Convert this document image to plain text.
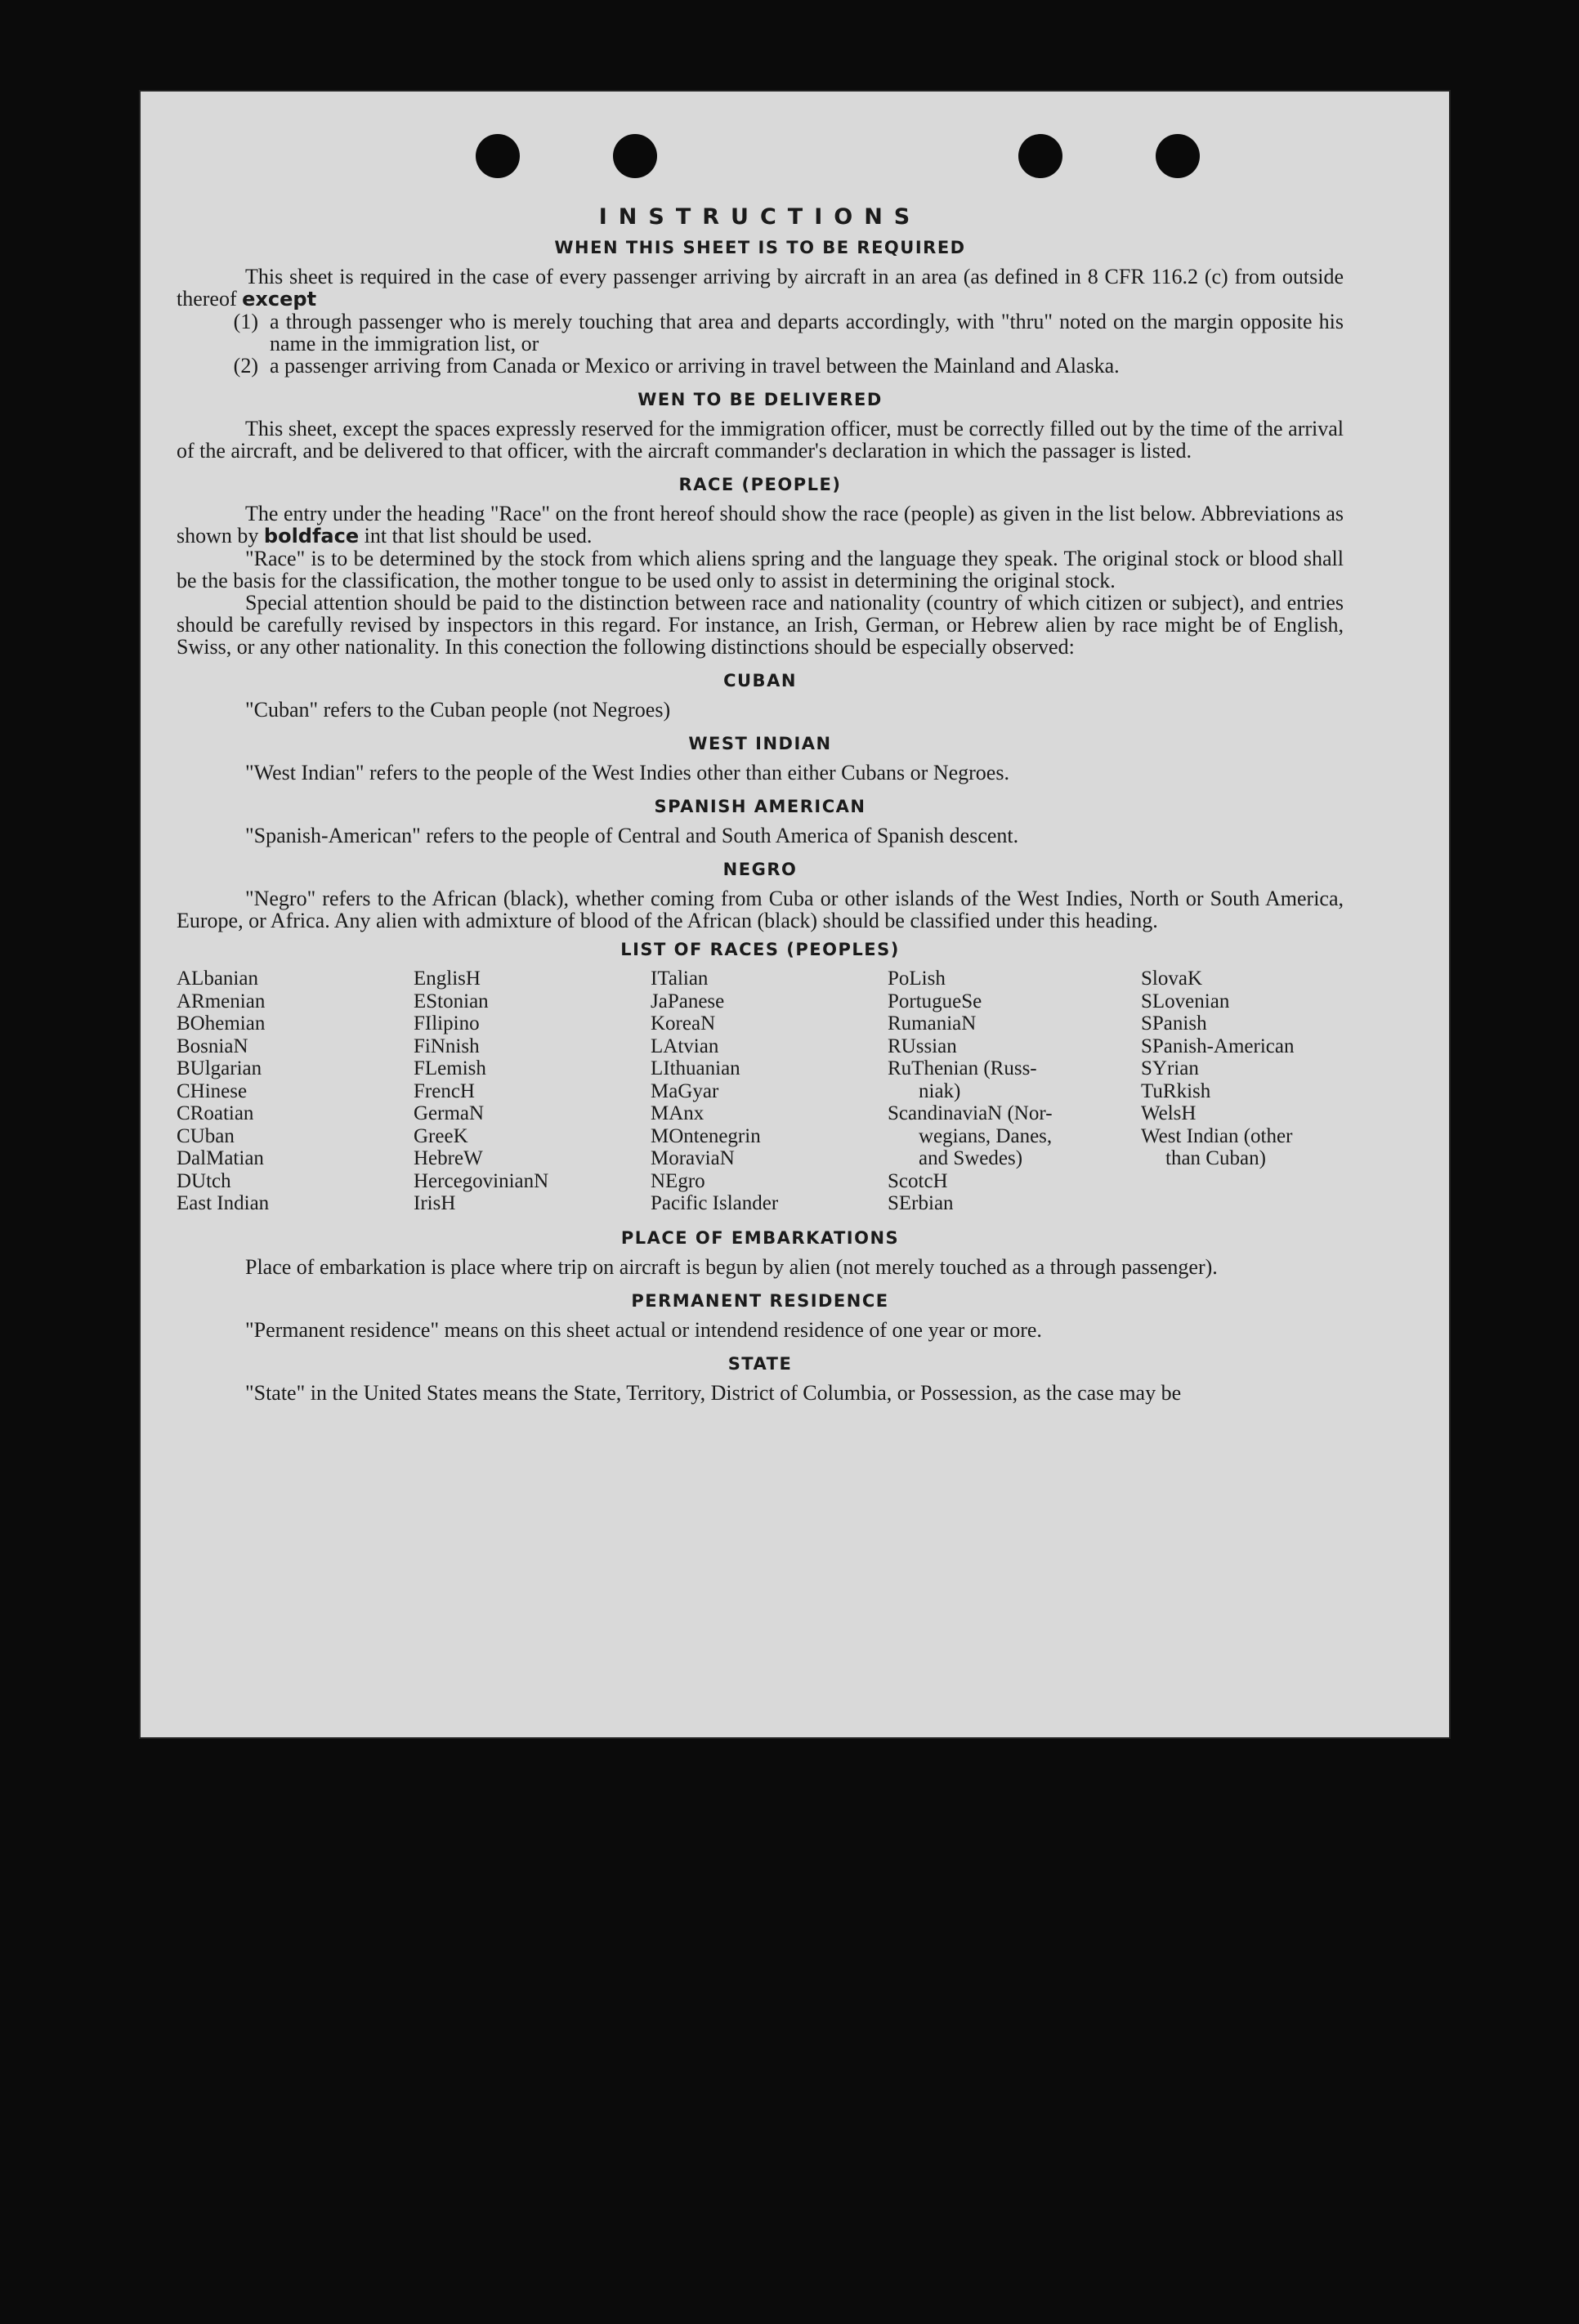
INSTRUCTIONS
WHEN THIS SHEET IS TO BE REQUIRED

This sheet is required in the case of every passenger arriving by aircraft in an area (as defined in 8 CFR 116.2 (c) from outside thereof except

(1) a through passenger who is merely touching that area and departs accordingly, with "thru" noted on the margin opposite his name in the immigration list, or
(2) a passenger arriving from Canada or Mexico or arriving in travel between the Mainland and Alaska.
WEN TO BE DELIVERED

This sheet, except the spaces expressly reserved for the immigration officer, must be correctly filled out by the time of the arrival of the aircraft, and be delivered to that officer, with the aircraft commander's declaration in which the passager is listed.

RACE (PEOPLE)

The entry under the heading "Race" on the front hereof should show the race (people) as given in the list below. Abbreviations as shown by boldface int that list should be used.

"Race" is to be determined by the stock from which aliens spring and the language they speak. The original stock or blood shall be the basis for the classification, the mother tongue to be used only to assist in determining the original stock.

Special attention should be paid to the distinction between race and nationality (country of which citizen or subject), and entries should be carefully revised by inspectors in this regard. For instance, an Irish, German, or Hebrew alien by race might be of English, Swiss, or any other nationality. In this conection the following distinctions should be especially observed:

CUBAN

"Cuban" refers to the Cuban people (not Negroes)

WEST INDIAN

"West Indian" refers to the people of the West Indies other than either Cubans or Negroes.

SPANISH AMERICAN

"Spanish-American" refers to the people of Central and South America of Spanish descent.

NEGRO

"Negro" refers to the African (black), whether coming from Cuba or other islands of the West Indies, North or South America, Europe, or Africa. Any alien with admixture of blood of the African (black) should be classified under this heading.

LIST OF RACES (PEOPLES)
ALbanian
ARmenian
BOhemian
BosniaN
BUlgarian
CHinese
CRoatian
CUban
DalMatian
DUtch
East Indian
EnglisH
EStonian
FIlipino
FiNnish
FLemish
FrencH
GermaN
GreeK
HebreW
HercegovinianN
IrisH
ITalian
JaPanese
KoreaN
LAtvian
LIthuanian
MaGyar
MAnx
MOntenegrin
MoraviaN
NEgro
Pacific Islander
PoLish
PortugueSe
RumaniaN
RUssian
RuThenian (Russ-
niak)
ScandinaviaN (Nor-
wegians, Danes,
and Swedes)
ScotcH
SErbian
SlovaK
SLovenian
SPanish
SPanish-American
SYrian
TuRkish
WelsH
West Indian (other
than Cuban)
PLACE OF EMBARKATIONS

Place of embarkation is place where trip on aircraft is begun by alien (not merely touched as a through passenger).

PERMANENT RESIDENCE

"Permanent residence" means on this sheet actual or intendend residence of one year or more.

STATE

"State" in the United States means the State, Territory, District of Columbia, or Possession, as the case may be
